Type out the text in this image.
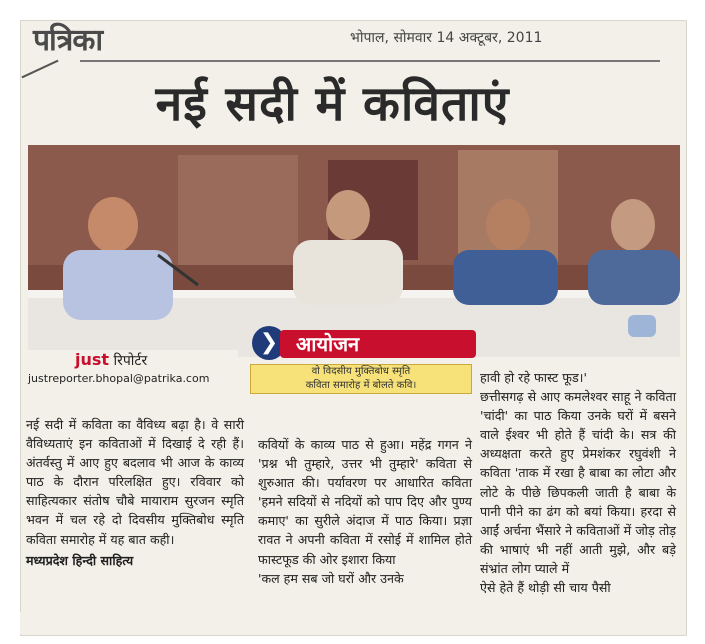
पत्रिका	भोपाल, सोमवार 14 अक्टूबर, 2011
नई सदी में कविताएं
just रिपोर्टर
justreporter.bhopal@patrika.com
❯ आयोजन
वो विदसीय मुक्तिबोध स्मृति
कविता समारोह में बोलते कवि।

नई सदी में कविता का वैविध्य बढ़ा है। वे सारी वैविध्यताएं इन कविताओं में दिखाई दे रही हैं। अंतर्वस्तु में आए हुए बदलाव भी आज के काव्य पाठ के दौरान परिलक्षित हुए। रविवार को साहित्यकार संतोष चौबे मायाराम सुरजन स्मृति भवन में चल रहे दो दिवसीय मुक्तिबोध स्मृति कविता समारोह में यह बात कही।

मध्यप्रदेश हिन्दी साहित्य

कवियों के काव्य पाठ से हुआ। महेंद्र गगन ने 'प्रश्न भी तुम्हारे, उत्तर भी तुम्हारे' कविता से शुरुआत की। पर्यावरण पर आधारित कविता 'हमने सदियों से नदियों को पाप दिए और पुण्य कमाए' का सुरीले अंदाज में पाठ किया। प्रज्ञा रावत ने अपनी कविता में रसोई में शामिल होते फास्टफूड की ओर इशारा किया

'कल हम सब जो घरों और उनके

हावी हो रहे फास्ट फूड।'

छत्तीसगढ़ से आए कमलेश्वर साहू ने कविता 'चांदी' का पाठ किया उनके घरों में बसने वाले ईश्वर भी होते हैं चांदी के। सत्र की अध्यक्षता करते हुए प्रेमशंकर रघुवंशी ने कविता 'ताक में रखा है बाबा का लोटा और लोटे के पीछे छिपकली जाती है बाबा के पानी पीने का ढंग को बयां किया। हरदा से आईं अर्चना भैंसारे ने कविताओं में जोड़ तोड़ की भाषाएं भी नहीं आती मुझे, और बड़े संभ्रांत लोग प्याले में

ऐसे हेते हैं थोड़ी सी चाय पैसी
